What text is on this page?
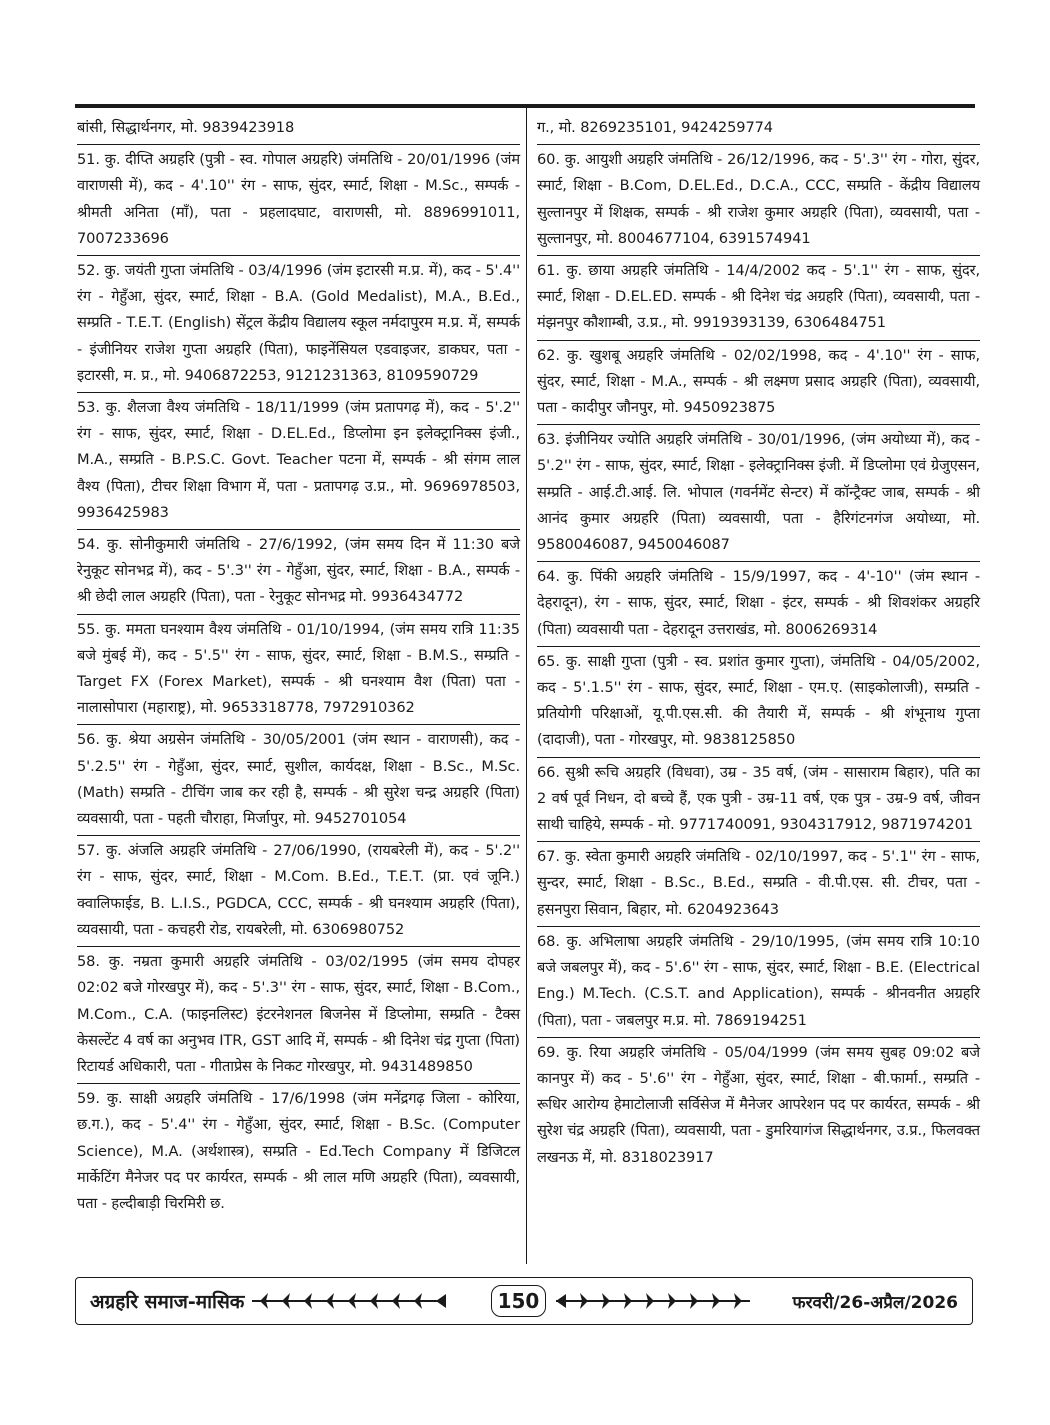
बांसी, सिद्धार्थनगर, मो. 9839423918

51. कु. दीप्ति अग्रहरि (पुत्री - स्व. गोपाल अग्रहरि) जंमतिथि - 20/01/1996 (जंम वाराणसी में), कद - 4'.10'' रंग - साफ, सुंदर, स्मार्ट, शिक्षा - M.Sc., सम्पर्क - श्रीमती अनिता (माँ), पता - प्रहलादघाट, वाराणसी, मो. 8896991011, 7007233696

52. कु. जयंती गुप्ता जंमतिथि - 03/4/1996 (जंम इटारसी म.प्र. में), कद - 5'.4'' रंग - गेहुँआ, सुंदर, स्मार्ट, शिक्षा - B.A. (Gold Medalist), M.A., B.Ed., सम्प्रति - T.E.T. (English) सेंट्रल केंद्रीय विद्यालय स्कूल नर्मदापुरम म.प्र. में, सम्पर्क - इंजीनियर राजेश गुप्ता अग्रहरि (पिता), फाइनेंसियल एडवाइजर, डाकघर, पता - इटारसी, म. प्र., मो. 9406872253, 9121231363, 8109590729

53. कु. शैलजा वैश्य जंमतिथि - 18/11/1999 (जंम प्रतापगढ़ में), कद - 5'.2'' रंग - साफ, सुंदर, स्मार्ट, शिक्षा - D.EL.Ed., डिप्लोमा इन इलेक्ट्रानिक्स इंजी., M.A., सम्प्रति - B.P.S.C. Govt. Teacher पटना में, सम्पर्क - श्री संगम लाल वैश्य (पिता), टीचर शिक्षा विभाग में, पता - प्रतापगढ़ उ.प्र., मो. 9696978503, 9936425983

54. कु. सोनीकुमारी जंमतिथि - 27/6/1992, (जंम समय दिन में 11:30 बजे रेनुकूट सोनभद्र में), कद - 5'.3'' रंग - गेहुँआ, सुंदर, स्मार्ट, शिक्षा - B.A., सम्पर्क - श्री छेदी लाल अग्रहरि (पिता), पता - रेनुकूट सोनभद्र मो. 9936434772

55. कु. ममता घनश्याम वैश्य जंमतिथि - 01/10/1994, (जंम समय रात्रि 11:35 बजे मुंबई में), कद - 5'.5'' रंग - साफ, सुंदर, स्मार्ट, शिक्षा - B.M.S., सम्प्रति - Target FX (Forex Market), सम्पर्क - श्री घनश्याम वैश (पिता) पता - नालासोपारा (महाराष्ट्र), मो. 9653318778, 7972910362

56. कु. श्रेया अग्रसेन जंमतिथि - 30/05/2001 (जंम स्थान - वाराणसी), कद - 5'.2.5'' रंग - गेहुँआ, सुंदर, स्मार्ट, सुशील, कार्यदक्ष, शिक्षा - B.Sc., M.Sc. (Math) सम्प्रति - टीचिंग जाब कर रही है, सम्पर्क - श्री सुरेश चन्द्र अग्रहरि (पिता) व्यवसायी, पता - पहती चौराहा, मिर्जापुर, मो. 9452701054

57. कु. अंजलि अग्रहरि जंमतिथि - 27/06/1990, (रायबरेली में), कद - 5'.2'' रंग - साफ, सुंदर, स्मार्ट, शिक्षा - M.Com. B.Ed., T.E.T. (प्रा. एवं जूनि.) क्वालिफाईड, B. L.I.S., PGDCA, CCC, सम्पर्क - श्री घनश्याम अग्रहरि (पिता), व्यवसायी, पता - कचहरी रोड, रायबरेली, मो. 6306980752

58. कु. नम्रता कुमारी अग्रहरि जंमतिथि - 03/02/1995 (जंम समय दोपहर 02:02 बजे गोरखपुर में), कद - 5'.3'' रंग - साफ, सुंदर, स्मार्ट, शिक्षा - B.Com., M.Com., C.A. (फाइनलिस्ट) इंटरनेशनल बिजनेस में डिप्लोमा, सम्प्रति - टैक्स केसल्टेंट 4 वर्ष का अनुभव ITR, GST आदि में, सम्पर्क - श्री दिनेश चंद्र गुप्ता (पिता) रिटायर्ड अधिकारी, पता - गीताप्रेस के निकट गोरखपुर, मो. 9431489850

59. कु. साक्षी अग्रहरि जंमतिथि - 17/6/1998 (जंम मनेंद्रगढ़ जिला - कोरिया, छ.ग.), कद - 5'.4'' रंग - गेहुँआ, सुंदर, स्मार्ट, शिक्षा - B.Sc. (Computer Science), M.A. (अर्थशास्त्र), सम्प्रति - Ed.Tech Company में डिजिटल मार्केटिंग मैनेजर पद पर कार्यरत, सम्पर्क - श्री लाल मणि अग्रहरि (पिता), व्यवसायी, पता - हल्दीबाड़ी चिरमिरी छ.

ग., मो. 8269235101, 9424259774

60. कु. आयुशी अग्रहरि जंमतिथि - 26/12/1996, कद - 5'.3'' रंग - गोरा, सुंदर, स्मार्ट, शिक्षा - B.Com, D.EL.Ed., D.C.A., CCC, सम्प्रति - केंद्रीय विद्यालय सुल्तानपुर में शिक्षक, सम्पर्क - श्री राजेश कुमार अग्रहरि (पिता), व्यवसायी, पता - सुल्तानपुर, मो. 8004677104, 6391574941

61. कु. छाया अग्रहरि जंमतिथि - 14/4/2002 कद - 5'.1'' रंग - साफ, सुंदर, स्मार्ट, शिक्षा - D.EL.ED. सम्पर्क - श्री दिनेश चंद्र अग्रहरि (पिता), व्यवसायी, पता - मंझनपुर कौशाम्बी, उ.प्र., मो. 9919393139, 6306484751

62. कु. खुशबू अग्रहरि जंमतिथि - 02/02/1998, कद - 4'.10'' रंग - साफ, सुंदर, स्मार्ट, शिक्षा - M.A., सम्पर्क - श्री लक्ष्मण प्रसाद अग्रहरि (पिता), व्यवसायी, पता - कादीपुर जौनपुर, मो. 9450923875

63. इंजीनियर ज्योति अग्रहरि जंमतिथि - 30/01/1996, (जंम अयोध्या में), कद - 5'.2'' रंग - साफ, सुंदर, स्मार्ट, शिक्षा - इलेक्ट्रानिक्स इंजी. में डिप्लोमा एवं ग्रेजुएसन, सम्प्रति - आई.टी.आई. लि. भोपाल (गवर्नमेंट सेन्टर) में कॉन्ट्रैक्ट जाब, सम्पर्क - श्री आनंद कुमार अग्रहरि (पिता) व्यवसायी, पता - हैरिगंटनगंज अयोध्या, मो. 9580046087, 9450046087

64. कु. पिंकी अग्रहरि जंमतिथि - 15/9/1997, कद - 4'-10'' (जंम स्थान - देहरादून), रंग - साफ, सुंदर, स्मार्ट, शिक्षा - इंटर, सम्पर्क - श्री शिवशंकर अग्रहरि (पिता) व्यवसायी पता - देहरादून उत्तराखंड, मो. 8006269314

65. कु. साक्षी गुप्ता (पुत्री - स्व. प्रशांत कुमार गुप्ता), जंमतिथि - 04/05/2002, कद - 5'.1.5'' रंग - साफ, सुंदर, स्मार्ट, शिक्षा - एम.ए. (साइकोलाजी), सम्प्रति - प्रतियोगी परिक्षाओं, यू.पी.एस.सी. की तैयारी में, सम्पर्क - श्री शंभूनाथ गुप्ता (दादाजी), पता - गोरखपुर, मो. 9838125850

66. सुश्री रूचि अग्रहरि (विधवा), उम्र - 35 वर्ष, (जंम - सासाराम बिहार), पति का 2 वर्ष पूर्व निधन, दो बच्चे हैं, एक पुत्री - उम्र-11 वर्ष, एक पुत्र - उम्र-9 वर्ष, जीवन साथी चाहिये, सम्पर्क - मो. 9771740091, 9304317912, 9871974201

67. कु. स्वेता कुमारी अग्रहरि जंमतिथि - 02/10/1997, कद - 5'.1'' रंग - साफ, सुन्दर, स्मार्ट, शिक्षा - B.Sc., B.Ed., सम्प्रति - वी.पी.एस. सी. टीचर, पता - हसनपुरा सिवान, बिहार, मो. 6204923643

68. कु. अभिलाषा अग्रहरि जंमतिथि - 29/10/1995, (जंम समय रात्रि 10:10 बजे जबलपुर में), कद - 5'.6'' रंग - साफ, सुंदर, स्मार्ट, शिक्षा - B.E. (Electrical Eng.) M.Tech. (C.S.T. and Application), सम्पर्क - श्रीनवनीत अग्रहरि (पिता), पता - जबलपुर म.प्र. मो. 7869194251

69. कु. रिया अग्रहरि जंमतिथि - 05/04/1999 (जंम समय सुबह 09:02 बजे कानपुर में) कद - 5'.6'' रंग - गेहुँआ, सुंदर, स्मार्ट, शिक्षा - बी.फार्मा., सम्प्रति - रूधिर आरोग्य हेमाटोलाजी सर्विसेज में मैनेजर आपरेशन पद पर कार्यरत, सम्पर्क - श्री सुरेश चंद्र अग्रहरि (पिता), व्यवसायी, पता - डुमरियागंज सिद्धार्थनगर, उ.प्र., फिलवक्त लखनऊ में, मो. 8318023917

अग्रहरि समाज-मासिक	150	फरवरी/26-अप्रैल/2026
